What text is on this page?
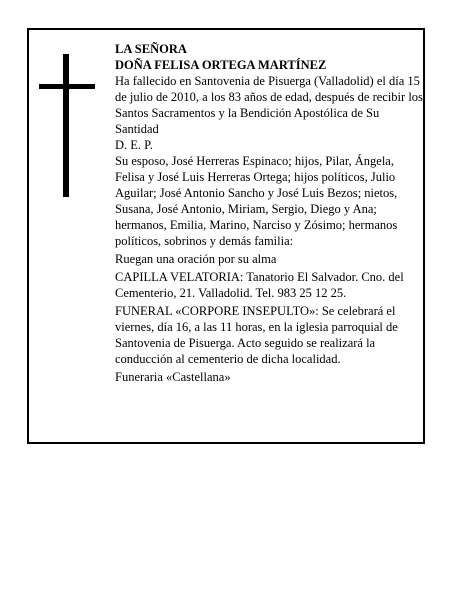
LA SEÑORA

DOÑA FELISA ORTEGA MARTÍNEZ

Ha fallecido en Santovenia de Pisuerga (Valladolid) el día 15 de julio de 2010, a los 83 años de edad, después de recibir los Santos Sacramentos y la Bendición Apostólica de Su Santidad

D. E. P.

Su esposo, José Herreras Espinaco; hijos, Pilar, Ángela, Felisa y José Luis Herreras Ortega; hijos políticos, Julio Aguilar; José Antonio Sancho y José Luis Bezos; nietos, Susana, José Antonio, Miriam, Sergio, Diego y Ana; hermanos, Emilia, Marino, Narciso y Zósimo; hermanos políticos, sobrinos y demás familia:

Ruegan una oración por su alma

CAPILLA VELATORIA: Tanatorio El Salvador. Cno. del Cementerio, 21. Valladolid. Tel. 983 25 12 25.

FUNERAL «CORPORE INSEPULTO»: Se celebrará el viernes, día 16, a las 11 horas, en la iglesia parroquial de Santovenia de Pisuerga. Acto seguido se realizará la conducción al cementerio de dicha localidad.

Funeraria «Castellana»
